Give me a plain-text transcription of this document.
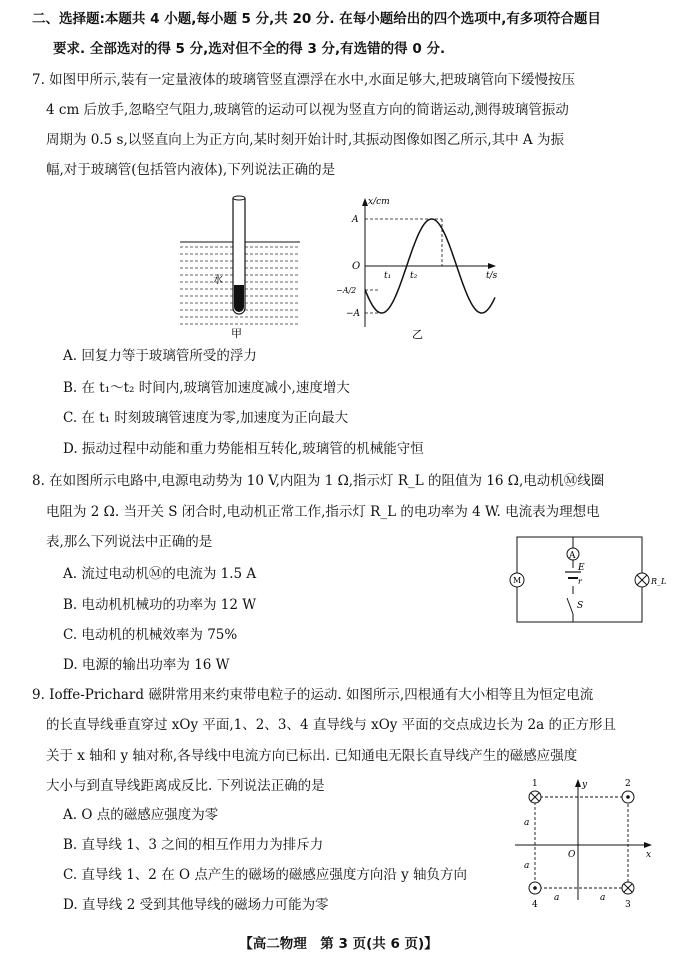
二、选择题:本题共 4 小题,每小题 5 分,共 20 分. 在每小题给出的四个选项中,有多项符合题目
要求. 全部选对的得 5 分,选对但不全的得 3 分,有选错的得 0 分.
7. 如图甲所示,装有一定量液体的玻璃管竖直漂浮在水中,水面足够大,把玻璃管向下缓慢按压
4 cm 后放手,忽略空气阻力,玻璃管的运动可以视为竖直方向的简谐运动,测得玻璃管振动
周期为 0.5 s,以竖直向上为正方向,某时刻开始计时,其振动图像如图乙所示,其中 A 为振
幅,对于玻璃管(包括管内液体),下列说法正确的是
水
甲
x/cm
A
O
−A/2
−A
t₁ t₂	t/s
乙
A. 回复力等于玻璃管所受的浮力
B. 在 t₁～t₂ 时间内,玻璃管加速度减小,速度增大
C. 在 t₁ 时刻玻璃管速度为零,加速度为正向最大
D. 振动过程中动能和重力势能相互转化,玻璃管的机械能守恒
8. 在如图所示电路中,电源电动势为 10 V,内阻为 1 Ω,指示灯 R_L 的阻值为 16 Ω,电动机Ⓜ线圈
电阻为 2 Ω. 当开关 S 闭合时,电动机正常工作,指示灯 R_L 的电功率为 4 W. 电流表为理想电
表,那么下列说法中正确的是
A
E
r
S
M	R_L
A. 流过电动机Ⓜ的电流为 1.5 A
B. 电动机机械功的功率为 12 W
C. 电动机的机械效率为 75%
D. 电源的输出功率为 16 W
9. Ioffe-Prichard 磁阱常用来约束带电粒子的运动. 如图所示,四根通有大小相等且为恒定电流
的长直导线垂直穿过 xOy 平面,1、2、3、4 直导线与 xOy 平面的交点成边长为 2a 的正方形且
关于 x 轴和 y 轴对称,各导线中电流方向已标出. 已知通电无限长直导线产生的磁感应强度
大小与到直导线距离成反比. 下列说法正确的是	1	2
4	3
y
x
O
a
a
a	a
A. O 点的磁感应强度为零
B. 直导线 1、3 之间的相互作用力为排斥力
C. 直导线 1、2 在 O 点产生的磁场的磁感应强度方向沿 y 轴负方向
D. 直导线 2 受到其他导线的磁场力可能为零
【高二物理　第 3 页(共 6 页)】
